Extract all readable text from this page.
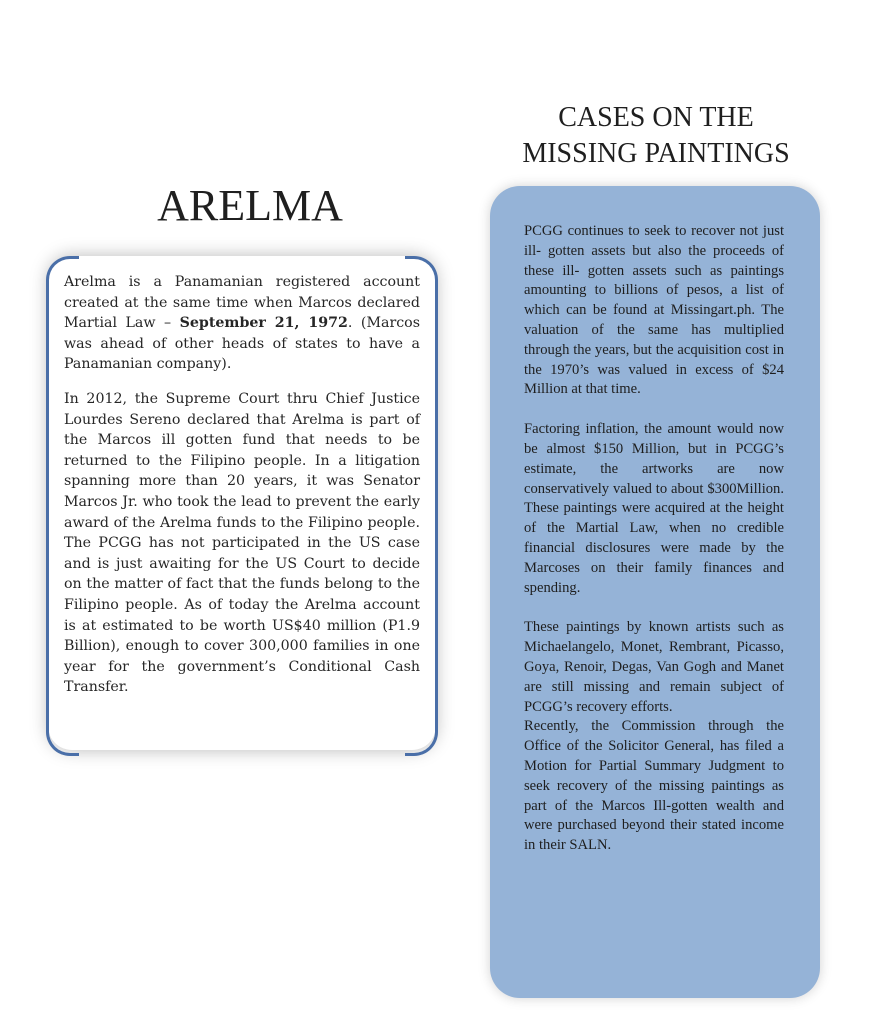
ARELMA

Arelma is a Panamanian registered account created at the same time when Marcos declared Martial Law – September 21, 1972. (Marcos was ahead of other heads of states to have a Panamanian company).

In 2012, the Supreme Court thru Chief Justice Lourdes Sereno declared that Arelma is part of the Marcos ill gotten fund that needs to be returned to the Filipino people. In a litigation spanning more than 20 years, it was Senator Marcos Jr. who took the lead to prevent the early award of the Arelma funds to the Filipino people. The PCGG has not participated in the US case and is just awaiting for the US Court to decide on the matter of fact that the funds belong to the Filipino people. As of today the Arelma account is at estimated to be worth US$40 million (P1.9 Billion), enough to cover 300,000 families in one year for the government’s Conditional Cash Transfer.

CASES ON THE MISSING PAINTINGS

PCGG continues to seek to recover not just ill- gotten assets but also the proceeds of these ill- gotten assets such as paintings amounting to billions of pesos, a list of which can be found at Missingart.ph. The valuation of the same has multiplied through the years, but the acquisition cost in the 1970’s was valued in excess of $24 Million at that time.

Factoring inflation, the amount would now be almost $150 Million, but in PCGG’s estimate, the artworks are now conservatively valued to about $300Million. These paintings were acquired at the height of the Martial Law, when no credible financial disclosures were made by the Marcoses on their family finances and spending.

These paintings by known artists such as Michaelangelo, Monet, Rembrant, Picasso, Goya, Renoir, Degas, Van Gogh and Manet are still missing and remain subject of PCGG’s recovery efforts.

Recently, the Commission through the Office of the Solicitor General, has filed a Motion for Partial Summary Judgment to seek recovery of the missing paintings as part of the Marcos Ill-gotten wealth and were purchased beyond their stated income in their SALN.
